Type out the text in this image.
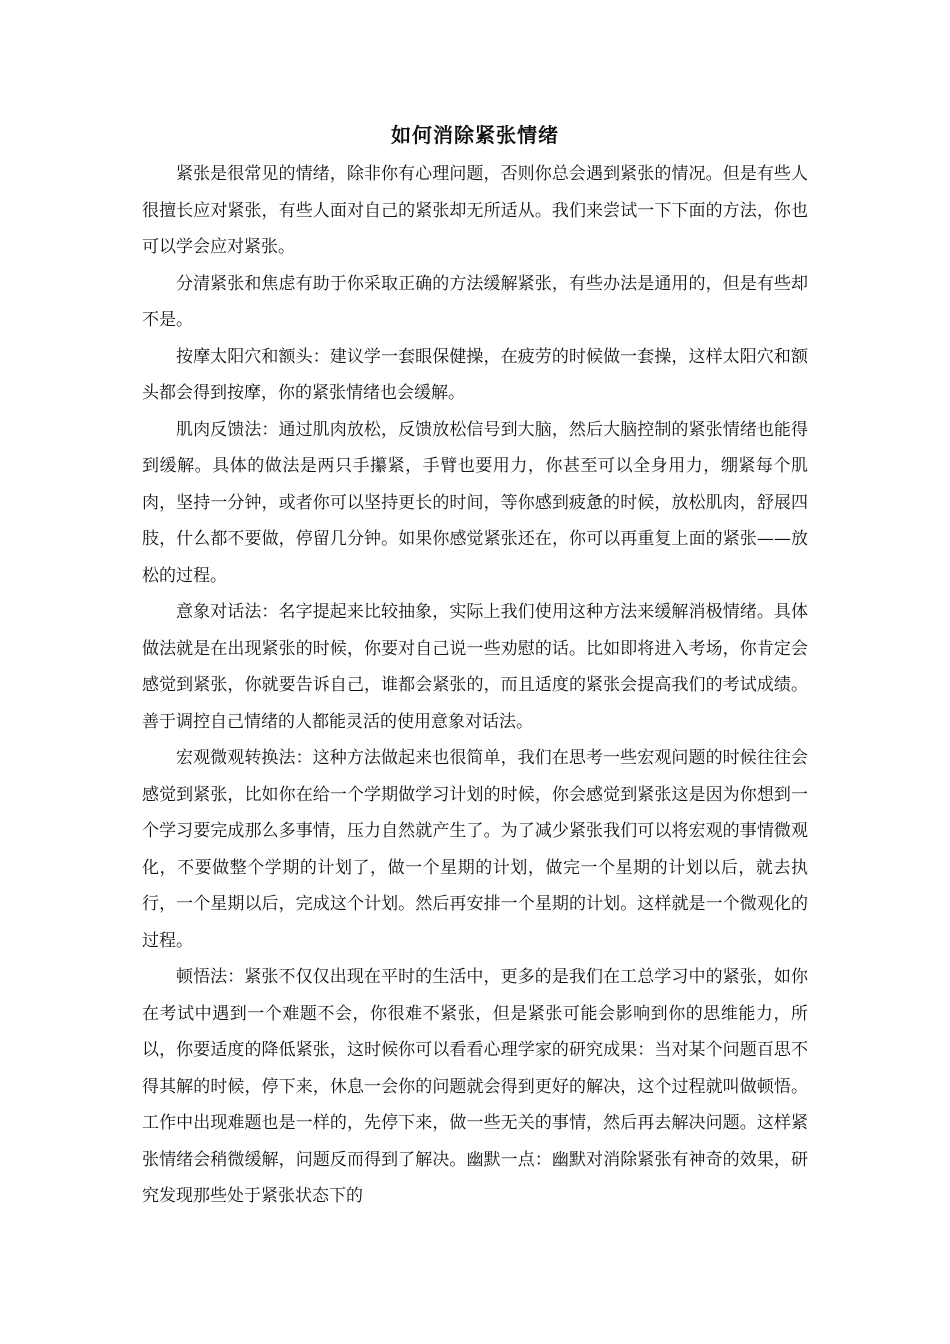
如何消除紧张情绪

紧张是很常见的情绪，除非你有心理问题，否则你总会遇到紧张的情况。但是有些人很擅长应对紧张，有些人面对自己的紧张却无所适从。我们来尝试一下下面的方法，你也可以学会应对紧张。

分清紧张和焦虑有助于你采取正确的方法缓解紧张，有些办法是通用的，但是有些却不是。

按摩太阳穴和额头：建议学一套眼保健操，在疲劳的时候做一套操，这样太阳穴和额头都会得到按摩，你的紧张情绪也会缓解。

肌肉反馈法：通过肌肉放松，反馈放松信号到大脑，然后大脑控制的紧张情绪也能得到缓解。具体的做法是两只手攥紧，手臂也要用力，你甚至可以全身用力，绷紧每个肌肉，坚持一分钟，或者你可以坚持更长的时间，等你感到疲惫的时候，放松肌肉，舒展四肢，什么都不要做，停留几分钟。如果你感觉紧张还在，你可以再重复上面的紧张——放松的过程。

意象对话法：名字提起来比较抽象，实际上我们使用这种方法来缓解消极情绪。具体做法就是在出现紧张的时候，你要对自己说一些劝慰的话。比如即将进入考场，你肯定会感觉到紧张，你就要告诉自己，谁都会紧张的，而且适度的紧张会提高我们的考试成绩。善于调控自己情绪的人都能灵活的使用意象对话法。

宏观微观转换法：这种方法做起来也很简单，我们在思考一些宏观问题的时候往往会感觉到紧张，比如你在给一个学期做学习计划的时候，你会感觉到紧张这是因为你想到一个学习要完成那么多事情，压力自然就产生了。为了减少紧张我们可以将宏观的事情微观化，不要做整个学期的计划了，做一个星期的计划，做完一个星期的计划以后，就去执行，一个星期以后，完成这个计划。然后再安排一个星期的计划。这样就是一个微观化的过程。

顿悟法：紧张不仅仅出现在平时的生活中，更多的是我们在工总学习中的紧张，如你在考试中遇到一个难题不会，你很难不紧张，但是紧张可能会影响到你的思维能力，所以，你要适度的降低紧张，这时候你可以看看心理学家的研究成果：当对某个问题百思不得其解的时候，停下来，休息一会你的问题就会得到更好的解决，这个过程就叫做顿悟。工作中出现难题也是一样的，先停下来，做一些无关的事情，然后再去解决问题。这样紧张情绪会稍微缓解，问题反而得到了解决。幽默一点：幽默对消除紧张有神奇的效果，研究发现那些处于紧张状态下的
